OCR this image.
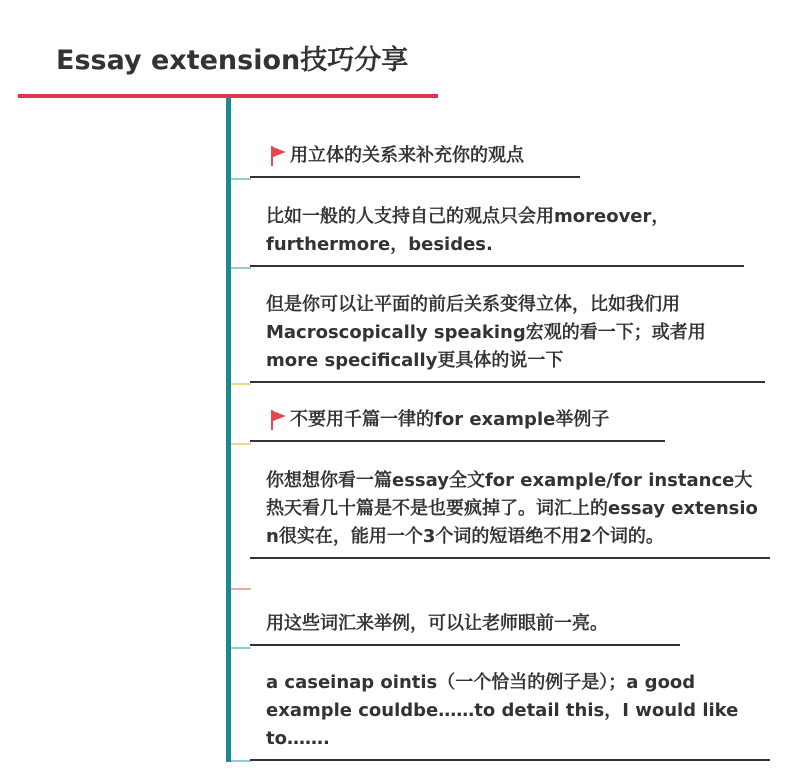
Essay extension技巧分享
用立体的关系来补充你的观点
比如一般的人支持自己的观点只会用moreover，furthermore，besides.
但是你可以让平面的前后关系变得立体，比如我们用Macroscopically speaking宏观的看一下；或者用more specifically更具体的说一下
不要用千篇一律的for example举例子
你想想你看一篇essay全文for example/for instance大热天看几十篇是不是也要疯掉了。词汇上的essay extensio n很实在，能用一个3个词的短语绝不用2个词的。
用这些词汇来举例，可以让老师眼前一亮。
a caseinap ointis（一个恰当的例子是）；a good example couldbe……to detail this，I would like to…….
